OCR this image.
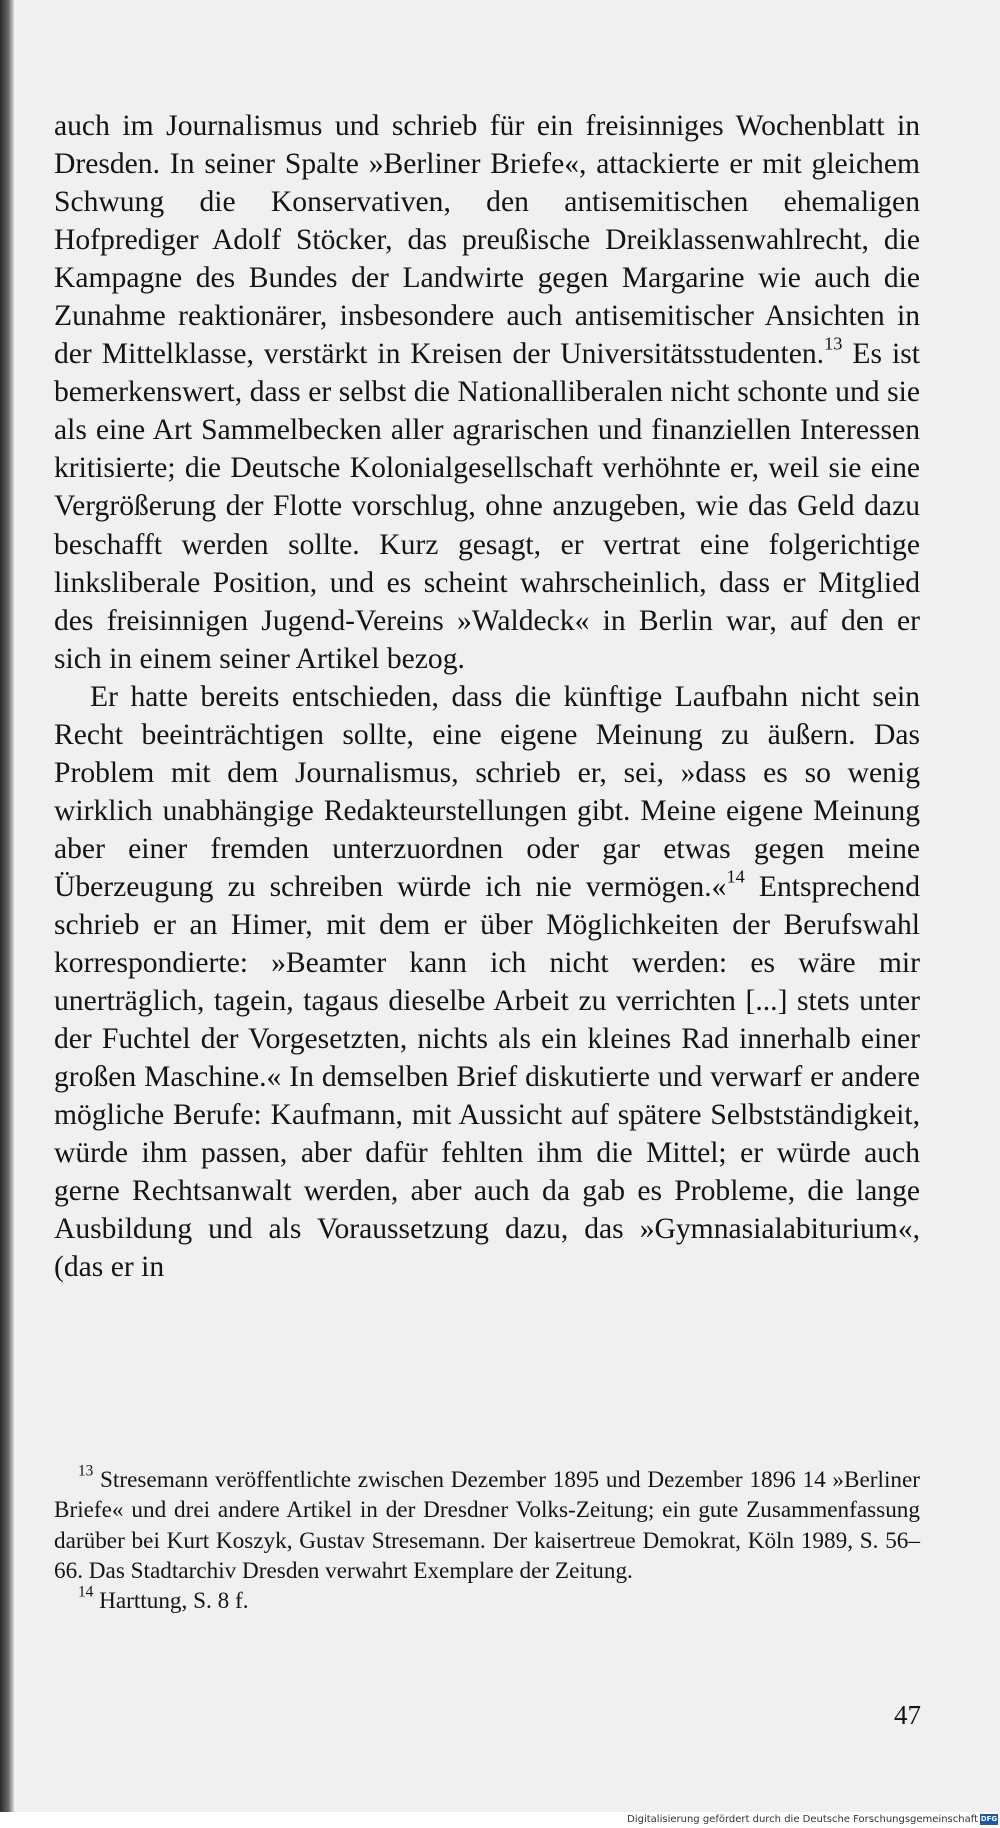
auch im Journalismus und schrieb für ein freisinniges Wochenblatt in Dresden. In seiner Spalte »Berliner Briefe«, attackierte er mit gleichem Schwung die Konservativen, den antisemitischen ehemaligen Hofprediger Adolf Stöcker, das preußische Dreiklassenwahlrecht, die Kampagne des Bundes der Landwirte gegen Margarine wie auch die Zunahme reaktionärer, insbesondere auch antisemitischer Ansichten in der Mittelklasse, verstärkt in Kreisen der Universitätsstudenten.$^{13}$ Es ist bemerkenswert, dass er selbst die Nationalliberalen nicht schonte und sie als eine Art Sammelbecken aller agrarischen und finanziellen Interessen kritisierte; die Deutsche Kolonialgesellschaft verhöhnte er, weil sie eine Vergrößerung der Flotte vorschlug, ohne anzugeben, wie das Geld dazu beschafft werden sollte. Kurz gesagt, er vertrat eine folgerichtige linksliberale Position, und es scheint wahrscheinlich, dass er Mitglied des freisinnigen Jugend-Vereins »Waldeck« in Berlin war, auf den er sich in einem seiner Artikel bezog.

Er hatte bereits entschieden, dass die künftige Laufbahn nicht sein Recht beeinträchtigen sollte, eine eigene Meinung zu äußern. Das Problem mit dem Journalismus, schrieb er, sei, »dass es so wenig wirklich unabhängige Redakteurstellungen gibt. Meine eigene Meinung aber einer fremden unterzuordnen oder gar etwas gegen meine Überzeugung zu schreiben würde ich nie vermögen.«$^{14}$ Entsprechend schrieb er an Himer, mit dem er über Möglichkeiten der Berufswahl korrespondierte: »Beamter kann ich nicht werden: es wäre mir unerträglich, tagein, tagaus dieselbe Arbeit zu verrichten [...] stets unter der Fuchtel der Vorgesetzten, nichts als ein kleines Rad innerhalb einer großen Maschine.« In demselben Brief diskutierte und verwarf er andere mögliche Berufe: Kaufmann, mit Aussicht auf spätere Selbstständigkeit, würde ihm passen, aber dafür fehlten ihm die Mittel; er würde auch gerne Rechtsanwalt werden, aber auch da gab es Probleme, die lange Ausbildung und als Voraussetzung dazu, das »Gymnasialabiturium«, (das er in

$^{13}$ Stresemann veröffentlichte zwischen Dezember 1895 und Dezember 1896 14 »Berliner Briefe« und drei andere Artikel in der Dresdner Volks-Zeitung; ein gute Zusammenfassung darüber bei Kurt Koszyk, Gustav Stresemann. Der kaisertreue Demokrat, Köln 1989, S. 56–66. Das Stadtarchiv Dresden verwahrt Exemplare der Zeitung.

$^{14}$ Harttung, S. 8 f.

47
Digitalisierung gefördert durch die Deutsche Forschungsgemeinschaft DFG
